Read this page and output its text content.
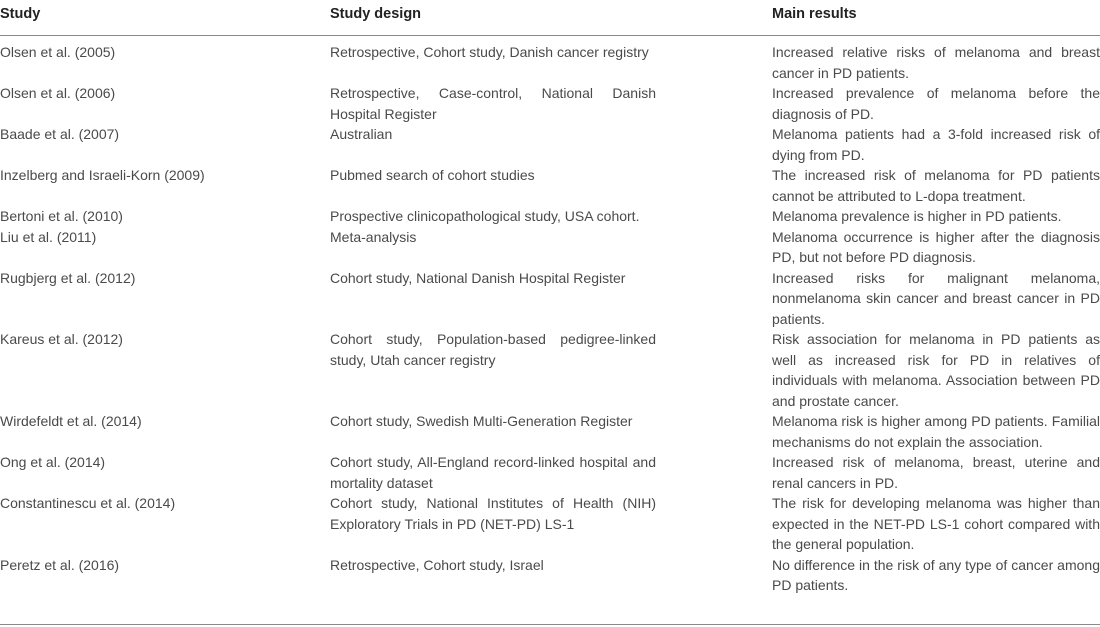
Study	Study design	Main results
Olsen et al. (2005)	Retrospective, Cohort study, Danish cancer registry	Increased relative risks of melanoma and breast cancer in PD patients.
Olsen et al. (2006)	Retrospective, Case-control, National Danish Hospital Register	Increased prevalence of melanoma before the diagnosis of PD.
Baade et al. (2007)	Australian	Melanoma patients had a 3-fold increased risk of dying from PD.
Inzelberg and Israeli-Korn (2009)	Pubmed search of cohort studies	The increased risk of melanoma for PD patients cannot be attributed to L-dopa treatment.
Bertoni et al. (2010)	Prospective clinicopathological study, USA cohort.	Melanoma prevalence is higher in PD patients.
Liu et al. (2011)	Meta-analysis	Melanoma occurrence is higher after the diagnosis PD, but not before PD diagnosis.
Rugbjerg et al. (2012)	Cohort study, National Danish Hospital Register	Increased risks for malignant melanoma, nonmelanoma skin cancer and breast cancer in PD patients.
Kareus et al. (2012)	Cohort study, Population-based pedigree-linked study, Utah cancer registry	Risk association for melanoma in PD patients as well as increased risk for PD in relatives of individuals with melanoma. Association between PD and prostate cancer.
Wirdefeldt et al. (2014)	Cohort study, Swedish Multi-Generation Register	Melanoma risk is higher among PD patients. Familial mechanisms do not explain the association.
Ong et al. (2014)	Cohort study, All-England record-linked hospital and mortality dataset	Increased risk of melanoma, breast, uterine and renal cancers in PD.
Constantinescu et al. (2014)	Cohort study, National Institutes of Health (NIH) Exploratory Trials in PD (NET-PD) LS-1	The risk for developing melanoma was higher than expected in the NET-PD LS-1 cohort compared with the general population.
Peretz et al. (2016)	Retrospective, Cohort study, Israel	No difference in the risk of any type of cancer among PD patients.
